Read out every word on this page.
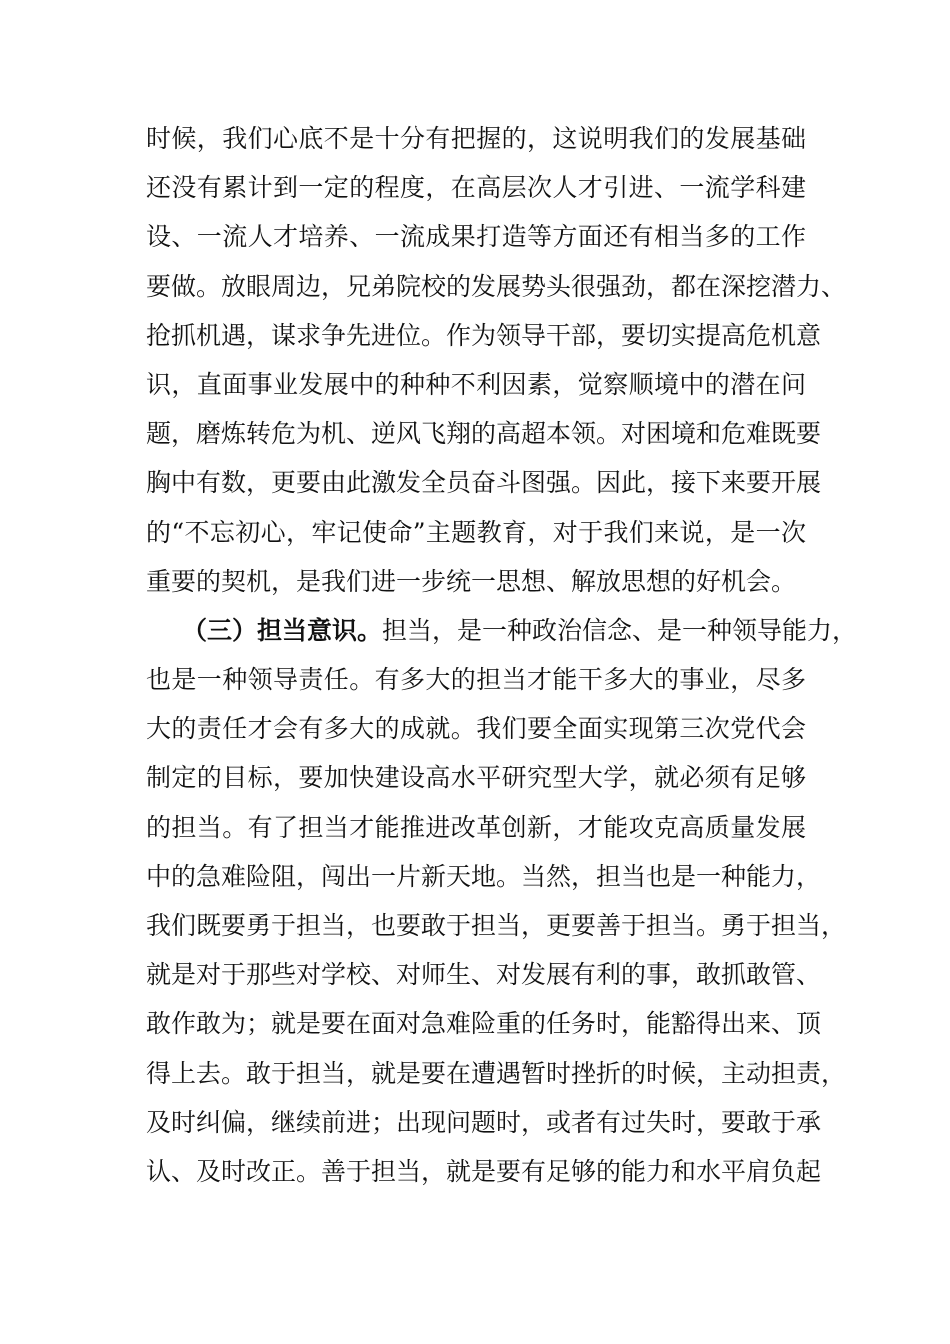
时候，我们心底不是十分有把握的，这说明我们的发展基础
还没有累计到一定的程度，在高层次人才引进、一流学科建
设、一流人才培养、一流成果打造等方面还有相当多的工作
要做。放眼周边，兄弟院校的发展势头很强劲，都在深挖潜力、
抢抓机遇，谋求争先进位。作为领导干部，要切实提高危机意
识，直面事业发展中的种种不利因素，觉察顺境中的潜在问
题，磨炼转危为机、逆风飞翔的高超本领。对困境和危难既要
胸中有数，更要由此激发全员奋斗图强。因此，接下来要开展
的“不忘初心，牢记使命”主题教育，对于我们来说，是一次
重要的契机，是我们进一步统一思想、解放思想的好机会。
（三）担当意识。担当，是一种政治信念、是一种领导能力，
也是一种领导责任。有多大的担当才能干多大的事业，尽多
大的责任才会有多大的成就。我们要全面实现第三次党代会
制定的目标，要加快建设高水平研究型大学，就必须有足够
的担当。有了担当才能推进改革创新，才能攻克高质量发展
中的急难险阻，闯出一片新天地。当然，担当也是一种能力，
我们既要勇于担当，也要敢于担当，更要善于担当。勇于担当，
就是对于那些对学校、对师生、对发展有利的事，敢抓敢管、
敢作敢为；就是要在面对急难险重的任务时，能豁得出来、顶
得上去。敢于担当，就是要在遭遇暂时挫折的时候，主动担责，
及时纠偏，继续前进；出现问题时，或者有过失时，要敢于承
认、及时改正。善于担当，就是要有足够的能力和水平肩负起
